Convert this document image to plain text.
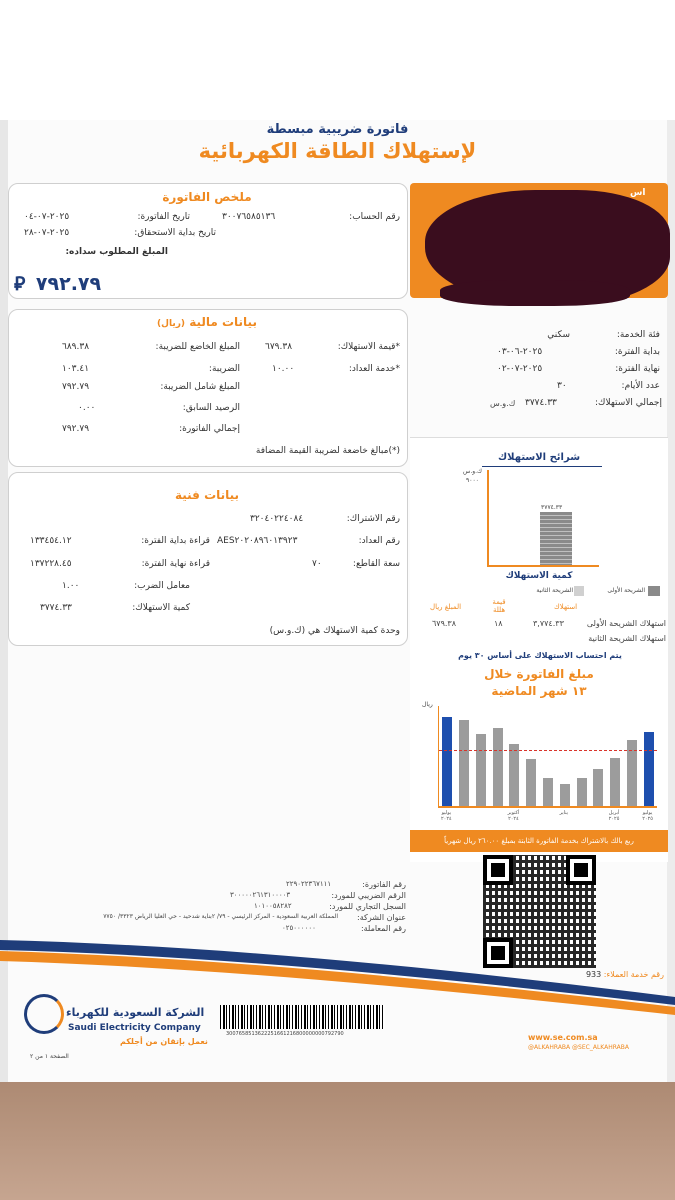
فاتورة ضريبية مبسطة
لإستهلاك الطاقة الكهربائية
ملخص الفاتورة
رقم الحساب:
٣٠٠٧٦٥٨٥١٣٦
تاريخ الفاتورة:
٢٠٢٥-٠٧-٠٤
تاريخ بداية الاستحقاق:
٢٠٢٥-٠٧-٢٨
المبلغ المطلوب سداده:
⃁ ٧٩٢.٧٩
اس
فئة الخدمة:
سكني
بداية الفترة:
٢٠٢٥-٠٦-٠٣
نهاية الفترة:
٢٠٢٥-٠٧-٠٢
عدد الأيام:
٣٠
إجمالي الاستهلاك:
٣٧٧٤.٣٣
ك.و.س
بيانات مالية (ريال)
*قيمة الاستهلاك:
٦٧٩.٣٨
*خدمة العداد:
١٠.٠٠
المبلغ الخاضع للضريبة:
٦٨٩.٣٨
الضريبة:
١٠٣.٤١
المبلغ شامل الضريبة:
٧٩٢.٧٩
الرصيد السابق:
٠.٠٠
إجمالي الفاتورة:
٧٩٢.٧٩
(*)مبالغ خاضعة لضريبة القيمة المضافة
بيانات فنية
رقم الاشتراك:
٣٢٠٤٠٢٢٤٠٨٤
رقم العداد:
AES٢٠٢٠٨٩٦٠١٣٩٢٣
سعة القاطع:
٧٠
قراءة بداية الفترة:
١٣٣٤٥٤.١٢
قراءة نهاية الفترة:
١٣٧٢٢٨.٤٥
معامل الضرب:
١.٠٠
كمية الاستهلاك:
٣٧٧٤.٣٣
وحدة كمية الاستهلاك هي (ك.و.س)
شرائح الاستهلاك
ك.و.س
٩٠٠٠
٣٧٧٤.٣٣
كمية الاستهلاك
الشريحة الأولى
الشريحة الثانية
استهلاك
قيمة هللة
المبلغ ريال
استهلاك الشريحة الأولى
٣,٧٧٤.٣٣
١٨
٦٧٩.٣٨
استهلاك الشريحة الثانية
يتم احتساب الاستهلاك على أساس ٣٠ يوم
مبلغ الفاتورة خلال
١٣ شهر الماضية
ريال
يوليو ٢٠٢٤
أكتوبر ٢٠٢٤
يناير	أبريل ٢٠٢٥
يوليو ٢٠٢٥
ربع بالك بالاشتراك بخدمة الفاتورة الثابتة بمبلغ ٢٦٠.٠٠ ريال شهرياً
رقم خدمة العملاء: 933
رقم الفاتورة:
٢٢٩٠٢٢٣٦٧١١١
الرقم الضريبي للمورد:
٣٠٠٠٠٠٢٦١٣١٠٠٠٠٣
السجل التجاري للمورد:
١٠١٠٠٥٨٢٨٢
عنوان الشركة:
المملكة العربية السعودية - المركز الرئيسي - ٧٩/ ٢بناية شدحيد - حي العليا الرياض ٣٣٢٣/ ٧٧٥٠
رقم المعاملة:
٠٢٥٠٠٠٠٠٠
الشركة السعودية للكهرباء
Saudi Electricity Company
نعمل بإتقان من أجلكم
الصفحة ١ من ٢
3007658513622251661216800000000792790	www.se.com.sa
@ALKAHRABA @SEC_ALKAHRABA
